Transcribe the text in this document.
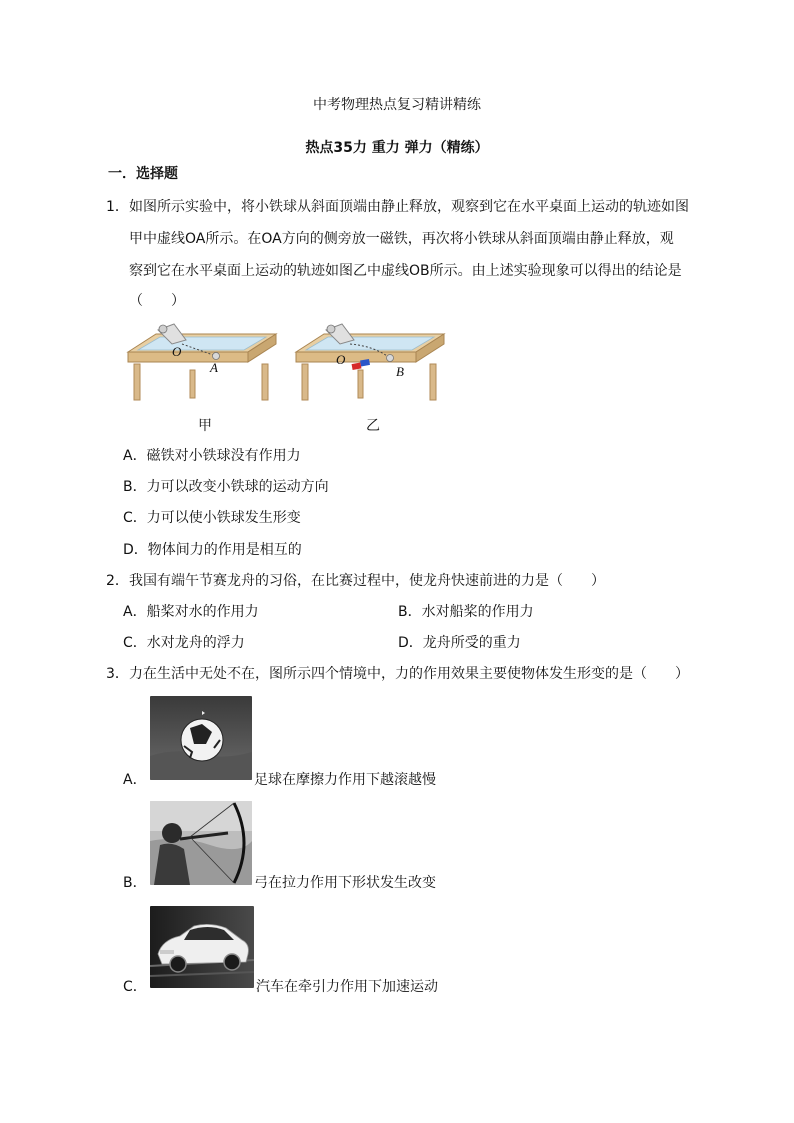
中考物理热点复习精讲精练
热点35力 重力 弹力（精练）
一．选择题
1． 如图所示实验中，将小铁球从斜面顶端由静止释放，观察到它在水平桌面上运动的轨迹如图
甲中虚线OA所示。在OA方向的侧旁放一磁铁，再次将小铁球从斜面顶端由静止释放，观
察到它在水平桌面上运动的轨迹如图乙中虚线OB所示。由上述实验现象可以得出的结论是
（　　）
O
A
甲
O
B
乙
A．磁铁对小铁球没有作用力
B．力可以改变小铁球的运动方向
C．力可以使小铁球发生形变
D．物体间力的作用是相互的
2． 我国有端午节赛龙舟的习俗，在比赛过程中，使龙舟快速前进的力是（　　）
A．船桨对水的作用力	B．水对船桨的作用力
C．水对龙舟的浮力	D．龙舟所受的重力
3． 力在生活中无处不在，图所示四个情境中，力的作用效果主要使物体发生形变的是（　　）
A．	足球在摩擦力作用下越滚越慢
B．	弓在拉力作用下形状发生改变
C．	汽车在牵引力作用下加速运动
